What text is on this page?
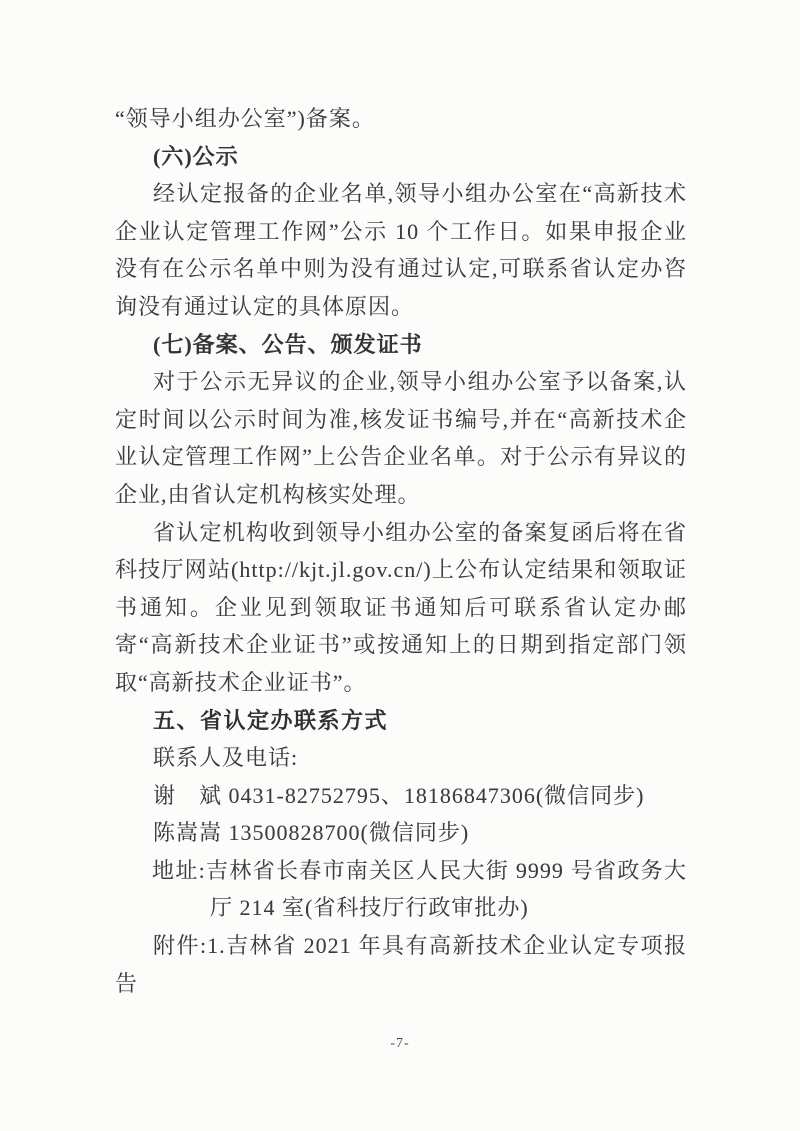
“领导小组办公室”)备案。

(六)公示

经认定报备的企业名单,领导小组办公室在“高新技术企业认定管理工作网”公示 10 个工作日。如果申报企业没有在公示名单中则为没有通过认定,可联系省认定办咨询没有通过认定的具体原因。

(七)备案、公告、颁发证书

对于公示无异议的企业,领导小组办公室予以备案,认定时间以公示时间为准,核发证书编号,并在“高新技术企业认定管理工作网”上公告企业名单。对于公示有异议的企业,由省认定机构核实处理。

省认定机构收到领导小组办公室的备案复函后将在省科技厅网站(http://kjt.jl.gov.cn/)上公布认定结果和领取证书通知。企业见到领取证书通知后可联系省认定办邮寄“高新技术企业证书”或按通知上的日期到指定部门领取“高新技术企业证书”。

五、省认定办联系方式

联系人及电话:

谢　斌 0431-82752795、18186847306(微信同步)

陈嵩嵩 13500828700(微信同步)

地址:吉林省长春市南关区人民大街 9999 号省政务大厅 214 室(省科技厅行政审批办)

附件:1.吉林省 2021 年具有高新技术企业认定专项报告

-7-
